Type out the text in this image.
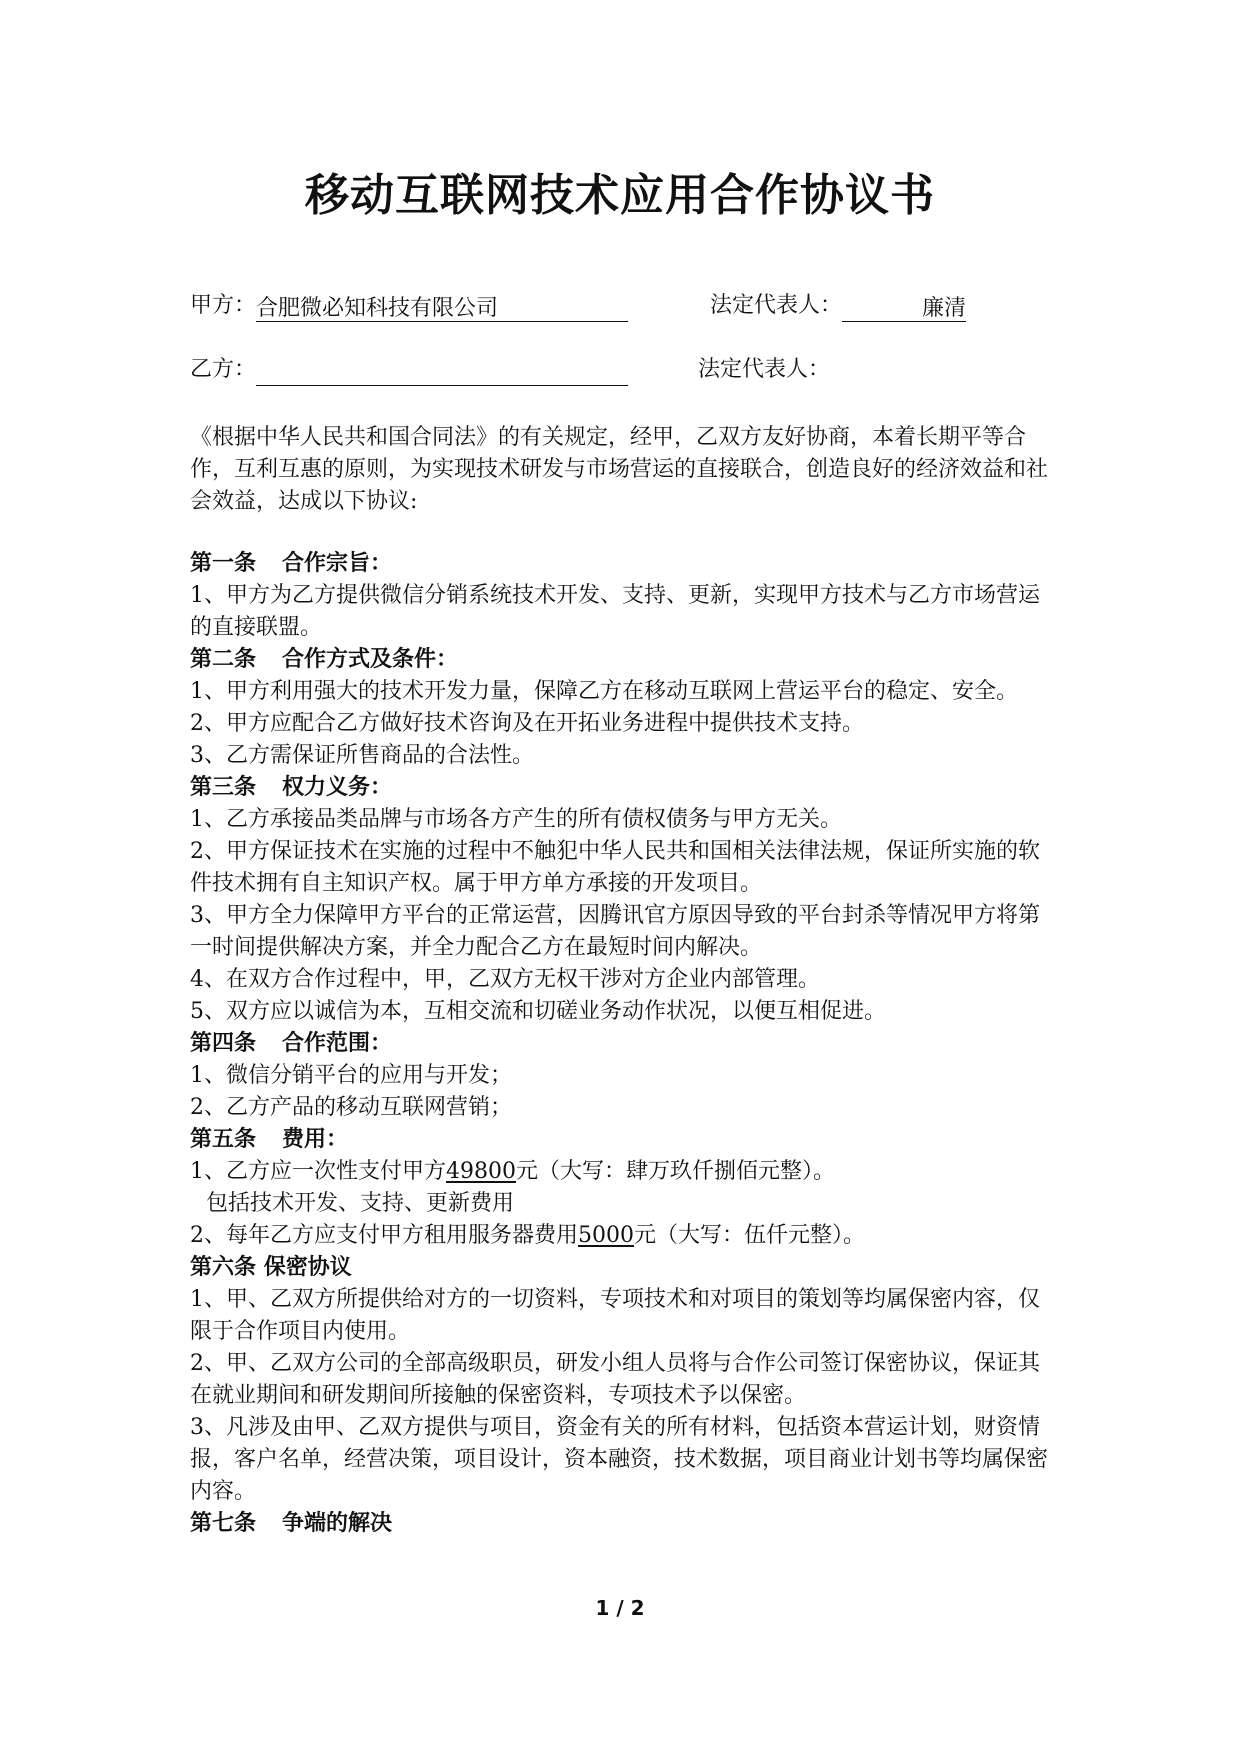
移动互联网技术应用合作协议书
甲方：合肥微必知科技有限公司	法定代表人：	廉清
乙方：	法定代表人：
《根据中华人民共和国合同法》的有关规定，经甲，乙双方友好协商，本着长期平等合作，互利互惠的原则，为实现技术研发与市场营运的直接联合，创造良好的经济效益和社会效益，达成以下协议:

第一条 合作宗旨：

1、甲方为乙方提供微信分销系统技术开发、支持、更新，实现甲方技术与乙方市场营运的直接联盟。

第二条 合作方式及条件：

1、甲方利用强大的技术开发力量，保障乙方在移动互联网上营运平台的稳定、安全。

2、甲方应配合乙方做好技术咨询及在开拓业务进程中提供技术支持。

3、乙方需保证所售商品的合法性。

第三条 权力义务：

1、乙方承接品类品牌与市场各方产生的所有债权债务与甲方无关。

2、甲方保证技术在实施的过程中不触犯中华人民共和国相关法律法规，保证所实施的软件技术拥有自主知识产权。属于甲方单方承接的开发项目。

3、甲方全力保障甲方平台的正常运营，因腾讯官方原因导致的平台封杀等情况甲方将第一时间提供解决方案，并全力配合乙方在最短时间内解决。

4、在双方合作过程中，甲，乙双方无权干涉对方企业内部管理。

5、双方应以诚信为本，互相交流和切磋业务动作状况，以便互相促进。

第四条 合作范围：

1、微信分销平台的应用与开发；

2、乙方产品的移动互联网营销；

第五条 费用：

1、乙方应一次性支付甲方49800元（大写：肆万玖仟捌佰元整）。

包括技术开发、支持、更新费用

2、每年乙方应支付甲方租用服务器费用5000元（大写：伍仟元整）。

第六条 保密协议

1、甲、乙双方所提供给对方的一切资料，专项技术和对项目的策划等均属保密内容，仅限于合作项目内使用。

2、甲、乙双方公司的全部高级职员，研发小组人员将与合作公司签订保密协议，保证其在就业期间和研发期间所接触的保密资料，专项技术予以保密。

3、凡涉及由甲、乙双方提供与项目，资金有关的所有材料，包括资本营运计划，财资情报，客户名单，经营决策，项目设计，资本融资，技术数据，项目商业计划书等均属保密内容。

第七条 争端的解决

1 / 2
